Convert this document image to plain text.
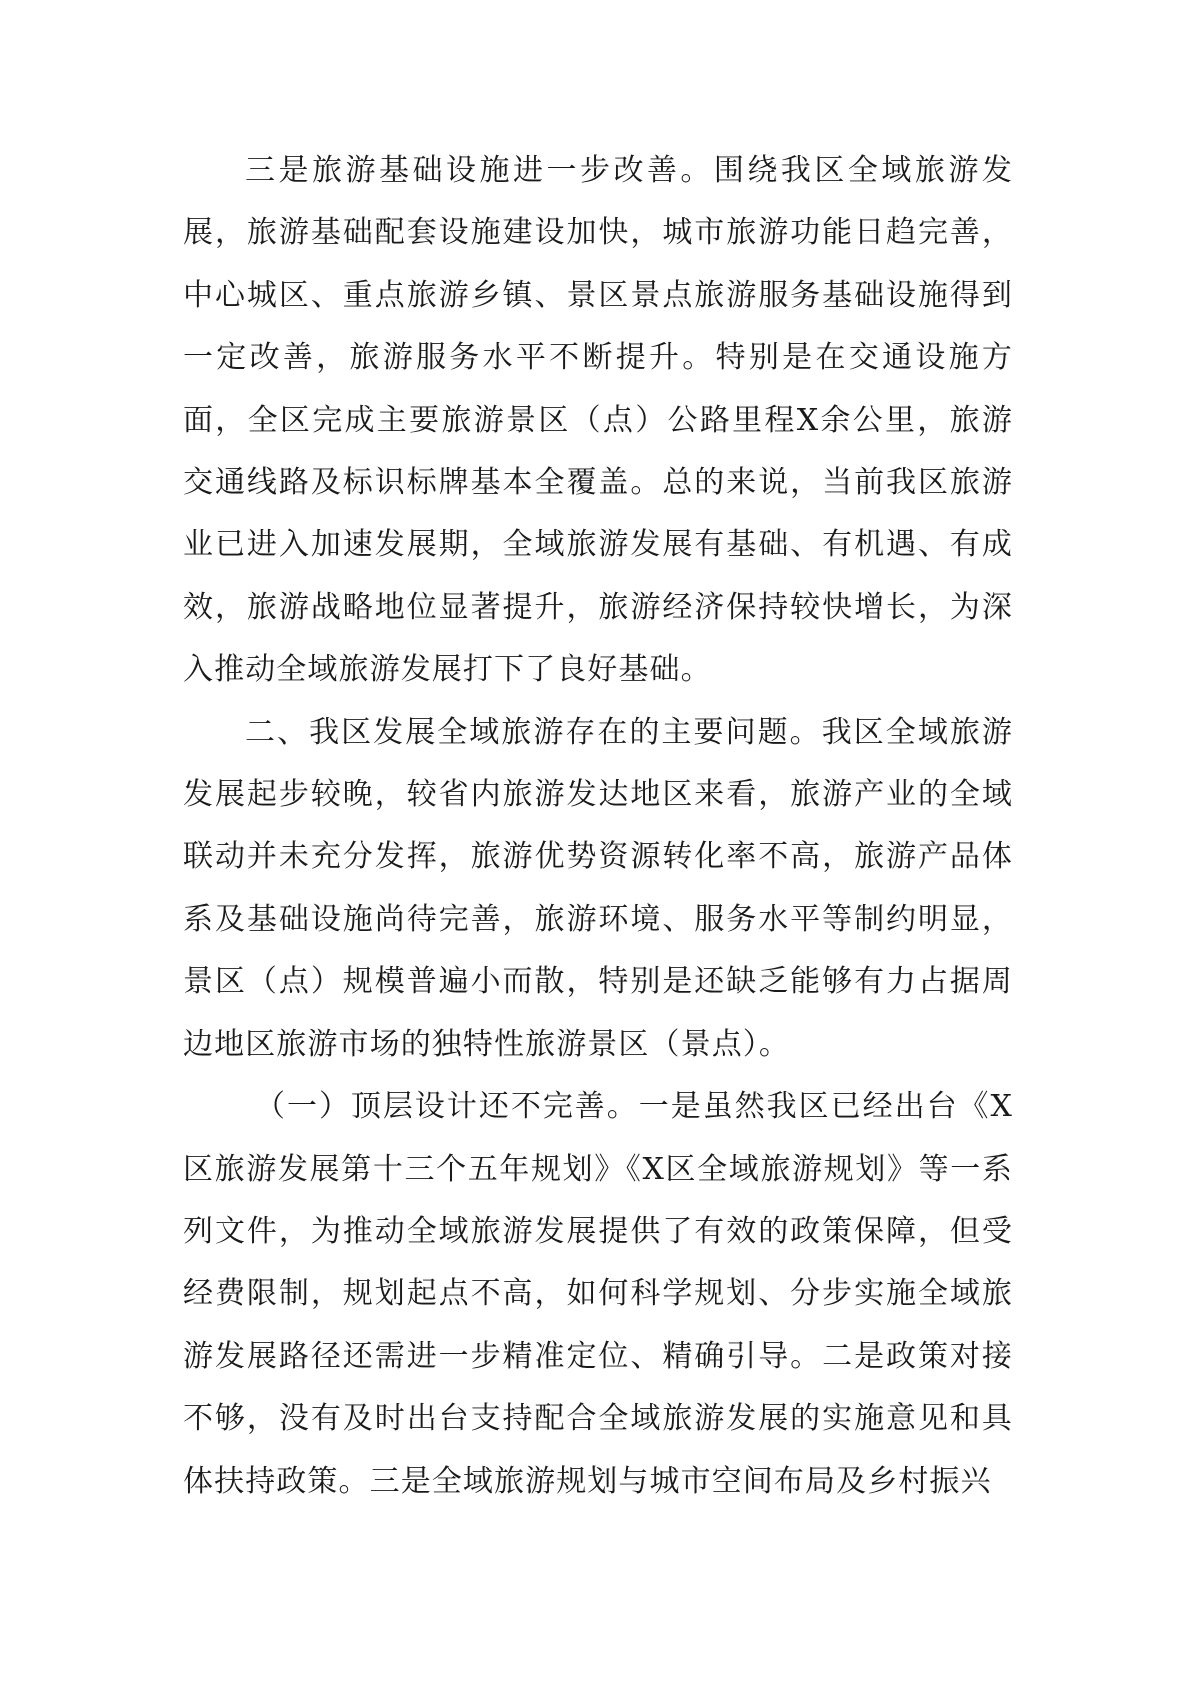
三是旅游基础设施进一步改善。围绕我区全域旅游发展，旅游基础配套设施建设加快，城市旅游功能日趋完善，中心城区、重点旅游乡镇、景区景点旅游服务基础设施得到一定改善，旅游服务水平不断提升。特别是在交通设施方面，全区完成主要旅游景区（点）公路里程X余公里，旅游交通线路及标识标牌基本全覆盖。总的来说，当前我区旅游业已进入加速发展期，全域旅游发展有基础、有机遇、有成效，旅游战略地位显著提升，旅游经济保持较快增长，为深入推动全域旅游发展打下了良好基础。

二、我区发展全域旅游存在的主要问题。我区全域旅游发展起步较晚，较省内旅游发达地区来看，旅游产业的全域联动并未充分发挥，旅游优势资源转化率不高，旅游产品体系及基础设施尚待完善，旅游环境、服务水平等制约明显，景区（点）规模普遍小而散，特别是还缺乏能够有力占据周边地区旅游市场的独特性旅游景区（景点）。

（一）顶层设计还不完善。一是虽然我区已经出台《X区旅游发展第十三个五年规划》《X区全域旅游规划》等一系列文件，为推动全域旅游发展提供了有效的政策保障，但受经费限制，规划起点不高，如何科学规划、分步实施全域旅游发展路径还需进一步精准定位、精确引导。二是政策对接不够，没有及时出台支持配合全域旅游发展的实施意见和具体扶持政策。三是全域旅游规划与城市空间布局及乡村振兴
